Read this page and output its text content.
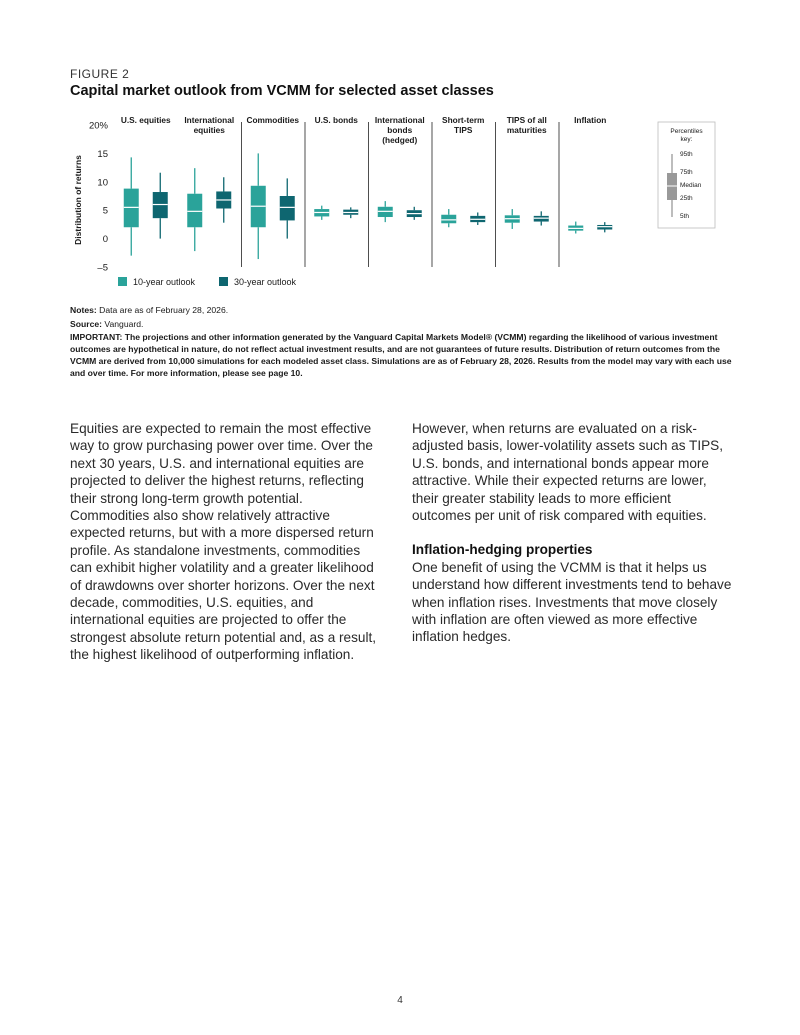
FIGURE 2
Capital market outlook from VCMM for selected asset classes
20%
15
10
5
0
–5
Distribution of returns
U.S. equities International
equities
Commodities U.S. bonds International
bonds
(hedged)
Short-term
TIPS
TIPS of all
maturities
Inflation
10-year outlook	30-year outlook
Percentiles
key:
95th
75th
Median
25th
5th

Notes: Data are as of February 28, 2026.

Source: Vanguard.

IMPORTANT: The projections and other information generated by the Vanguard Capital Markets Model® (VCMM) regarding the likelihood of various investment outcomes are hypothetical in nature, do not reflect actual investment results, and are not guarantees of future results. Distribution of return outcomes from the VCMM are derived from 10,000 simulations for each modeled asset class. Simulations are as of February 28, 2026. Results from the model may vary with each use and over time. For more information, please see page 10.

Equities are expected to remain the most effective way to grow purchasing power over time. Over the next 30 years, U.S. and international equities are projected to deliver the highest returns, reflecting their strong long-term growth potential. Commodities also show relatively attractive expected returns, but with a more dispersed return profile. As standalone investments, commodities can exhibit higher volatility and a greater likelihood of drawdowns over shorter horizons. Over the next decade, commodities, U.S. equities, and international equities are projected to offer the strongest absolute return potential and, as a result, the highest likelihood of outperforming inflation.

However, when returns are evaluated on a risk-adjusted basis, lower-volatility assets such as TIPS, U.S. bonds, and international bonds appear more attractive. While their expected returns are lower, their greater stability leads to more efficient outcomes per unit of risk compared with equities.

Inflation-hedging properties

One benefit of using the VCMM is that it helps us understand how different investments tend to behave when inflation rises. Investments that move closely with inflation are often viewed as more effective inflation hedges.

4
